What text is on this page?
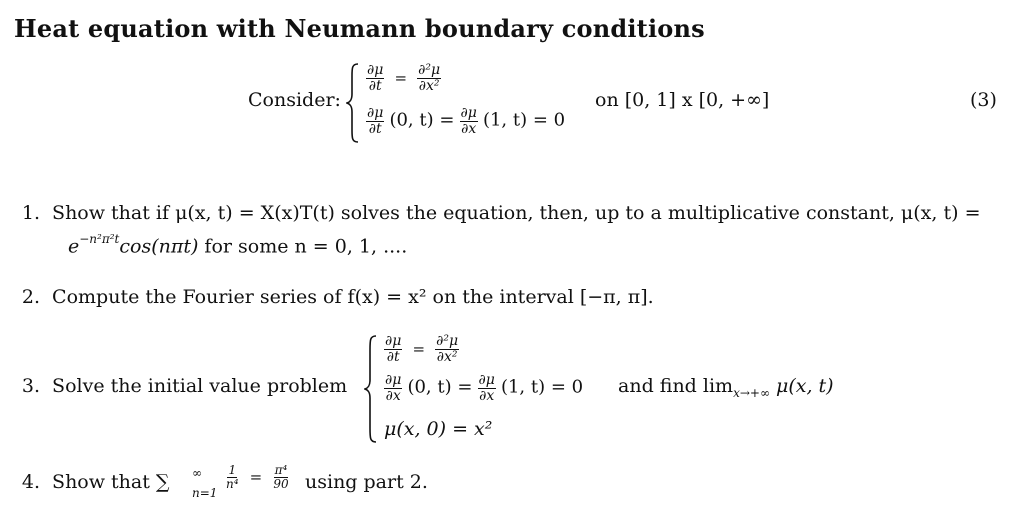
Heat equation with Neumann boundary conditions
Consider:
$\frac{\partial\mu}{\partial t} = \frac{\text{∂²μ}}{\text{∂x²}}$
$\frac{\partial\mu}{\partial t} (0$, $t) = \frac{\partial\mu}{\partial x} (1$, t) = 0
on [0, 1] x [0, +∞]	(3)
1. Show that if μ(x, t) = X(x)T(t) solves the equation, then, up to a multiplicative constant, μ(x, t) =
$e^{-n^2\pi^2t}\cos(n\pi t)$ for some n = 0, 1, ....
2. Compute the Fourier series of f(x) = x² on the interval [−π, π].
3. Solve the initial value problem
$\frac{\partial\mu}{\partial t} = \frac{\text{∂²μ}}{\text{∂x²}}$
$\frac{\partial\mu}{\partial x} (0$, $t) = \frac{\partial\mu}{\partial x} (1$, t) = 0
μ(x, 0) = x²
and find $\lim_{x\to+\infty} \mu(x$, t)
4. Show that ∑ ∞
n=1
$\frac{1}{\text{n⁴}} = \frac{\text{π⁴}}{90}$ using part 2.
